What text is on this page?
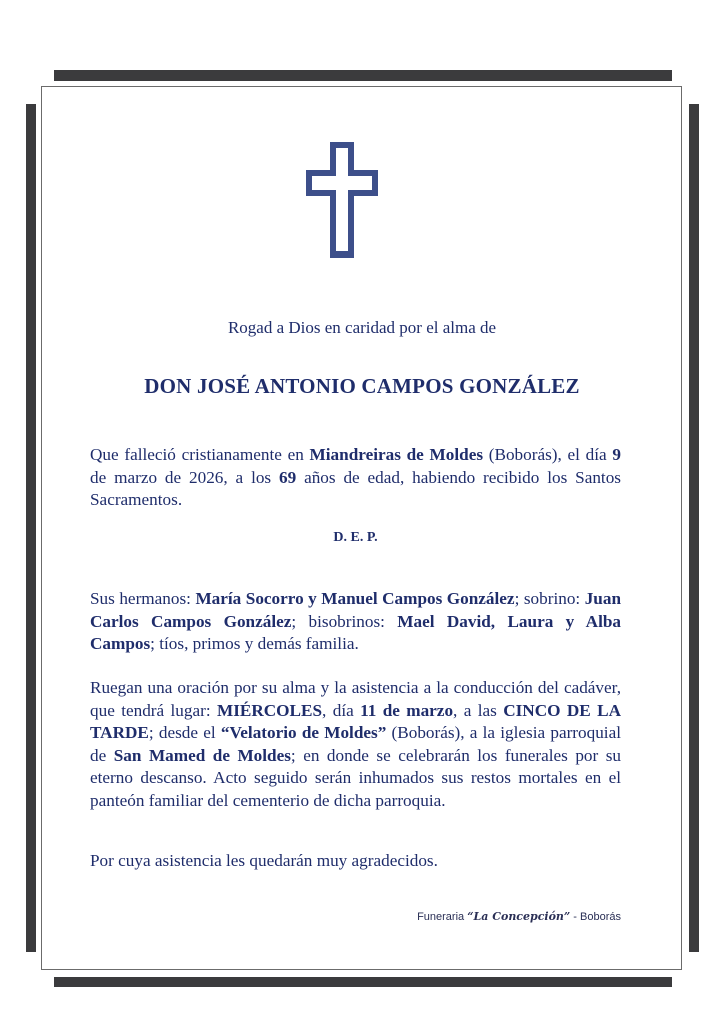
Rogad a Dios en caridad por el alma de
DON JOSÉ ANTONIO CAMPOS GONZÁLEZ
Que falleció cristianamente en Miandreiras de Moldes (Boborás), el día 9 de marzo de 2026, a los 69 años de edad, habiendo recibido los Santos Sacramentos.
D. E. P.
Sus hermanos: María Socorro y Manuel Campos González; sobrino: Juan Carlos Campos González; bisobrinos: Mael David, Laura y Alba Campos; tíos, primos y demás familia.
Ruegan una oración por su alma y la asistencia a la conducción del cadáver, que tendrá lugar: MIÉRCOLES, día 11 de marzo, a las CINCO DE LA TARDE; desde el “Velatorio de Moldes” (Boborás), a la iglesia parroquial de San Mamed de Moldes; en donde se celebrarán los funerales por su eterno descanso. Acto seguido serán inhumados sus restos mortales en el panteón familiar del cementerio de dicha parroquia.
Por cuya asistencia les quedarán muy agradecidos.
Funeraria “La Concepción” - Boborás
